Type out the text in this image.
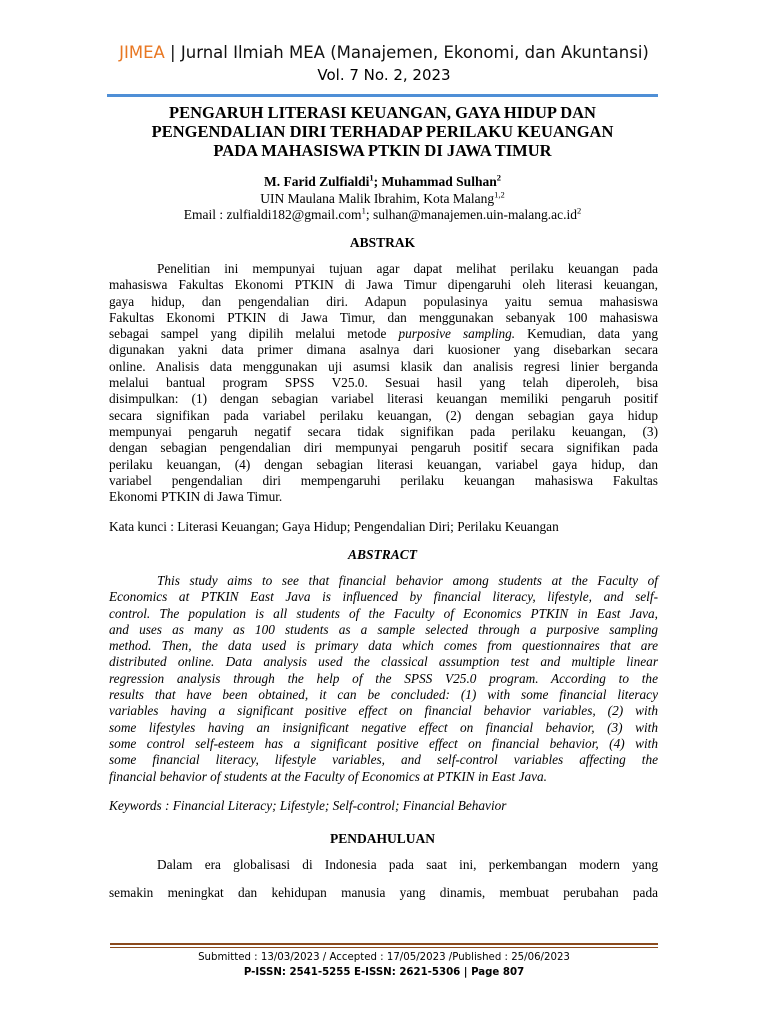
JIMEA | Jurnal Ilmiah MEA (Manajemen, Ekonomi, dan Akuntansi)
Vol. 7 No. 2, 2023
PENGARUH LITERASI KEUANGAN, GAYA HIDUP DAN
PENGENDALIAN DIRI TERHADAP PERILAKU KEUANGAN
PADA MAHASISWA PTKIN DI JAWA TIMUR
M. Farid Zulfialdi$^1$; Muhammad Sulhan$^2$
UIN Maulana Malik Ibrahim, Kota Malang$^{1,2}$
Email : zulfialdi182@gmail.com$^1$; $sulhan@manajemen.uin-malang.ac.id^2$
ABSTRAK
Penelitian ini mempunyai tujuan agar dapat melihat perilaku keuangan pada
mahasiswa Fakultas Ekonomi PTKIN di Jawa Timur dipengaruhi oleh literasi keuangan,
gaya hidup, dan pengendalian diri. Adapun populasinya yaitu semua mahasiswa
Fakultas Ekonomi PTKIN di Jawa Timur, dan menggunakan sebanyak 100 mahasiswa
sebagai sampel yang dipilih melalui metode purposive sampling. Kemudian, data yang
digunakan yakni data primer dimana asalnya dari kuosioner yang disebarkan secara
online. Analisis data menggunakan uji asumsi klasik dan analisis regresi linier berganda
melalui bantual program SPSS V25.0. Sesuai hasil yang telah diperoleh, bisa
disimpulkan: (1) dengan sebagian variabel literasi keuangan memiliki pengaruh positif
secara signifikan pada variabel perilaku keuangan, (2) dengan sebagian gaya hidup
mempunyai pengaruh negatif secara tidak signifikan pada perilaku keuangan, (3)
dengan sebagian pengendalian diri mempunyai pengaruh positif secara signifikan pada
perilaku keuangan, (4) dengan sebagian literasi keuangan, variabel gaya hidup, dan
variabel pengendalian diri mempengaruhi perilaku keuangan mahasiswa Fakultas
Ekonomi PTKIN di Jawa Timur.
Kata kunci : Literasi Keuangan; Gaya Hidup; Pengendalian Diri; Perilaku Keuangan
ABSTRACT
This study aims to see that financial behavior among students at the Faculty of
Economics at PTKIN East Java is influenced by financial literacy, lifestyle, and self-
control. The population is all students of the Faculty of Economics PTKIN in East Java,
and uses as many as 100 students as a sample selected through a purposive sampling
method. Then, the data used is primary data which comes from questionnaires that are
distributed online. Data analysis used the classical assumption test and multiple linear
regression analysis through the help of the SPSS V25.0 program. According to the
results that have been obtained, it can be concluded: (1) with some financial literacy
variables having a significant positive effect on financial behavior variables, (2) with
some lifestyles having an insignificant negative effect on financial behavior, (3) with
some control self-esteem has a significant positive effect on financial behavior, (4) with
some financial literacy, lifestyle variables, and self-control variables affecting the
financial behavior of students at the Faculty of Economics at PTKIN in East Java.
Keywords : Financial Literacy; Lifestyle; Self-control; Financial Behavior
PENDAHULUAN
Dalam era globalisasi di Indonesia pada saat ini, perkembangan modern yang
semakin meningkat dan kehidupan manusia yang dinamis, membuat perubahan pada
Submitted : 13/03/2023 / Accepted : 17/05/2023 /Published : 25/06/2023
P-ISSN: 2541-5255 E-ISSN: 2621-5306 | Page 807
